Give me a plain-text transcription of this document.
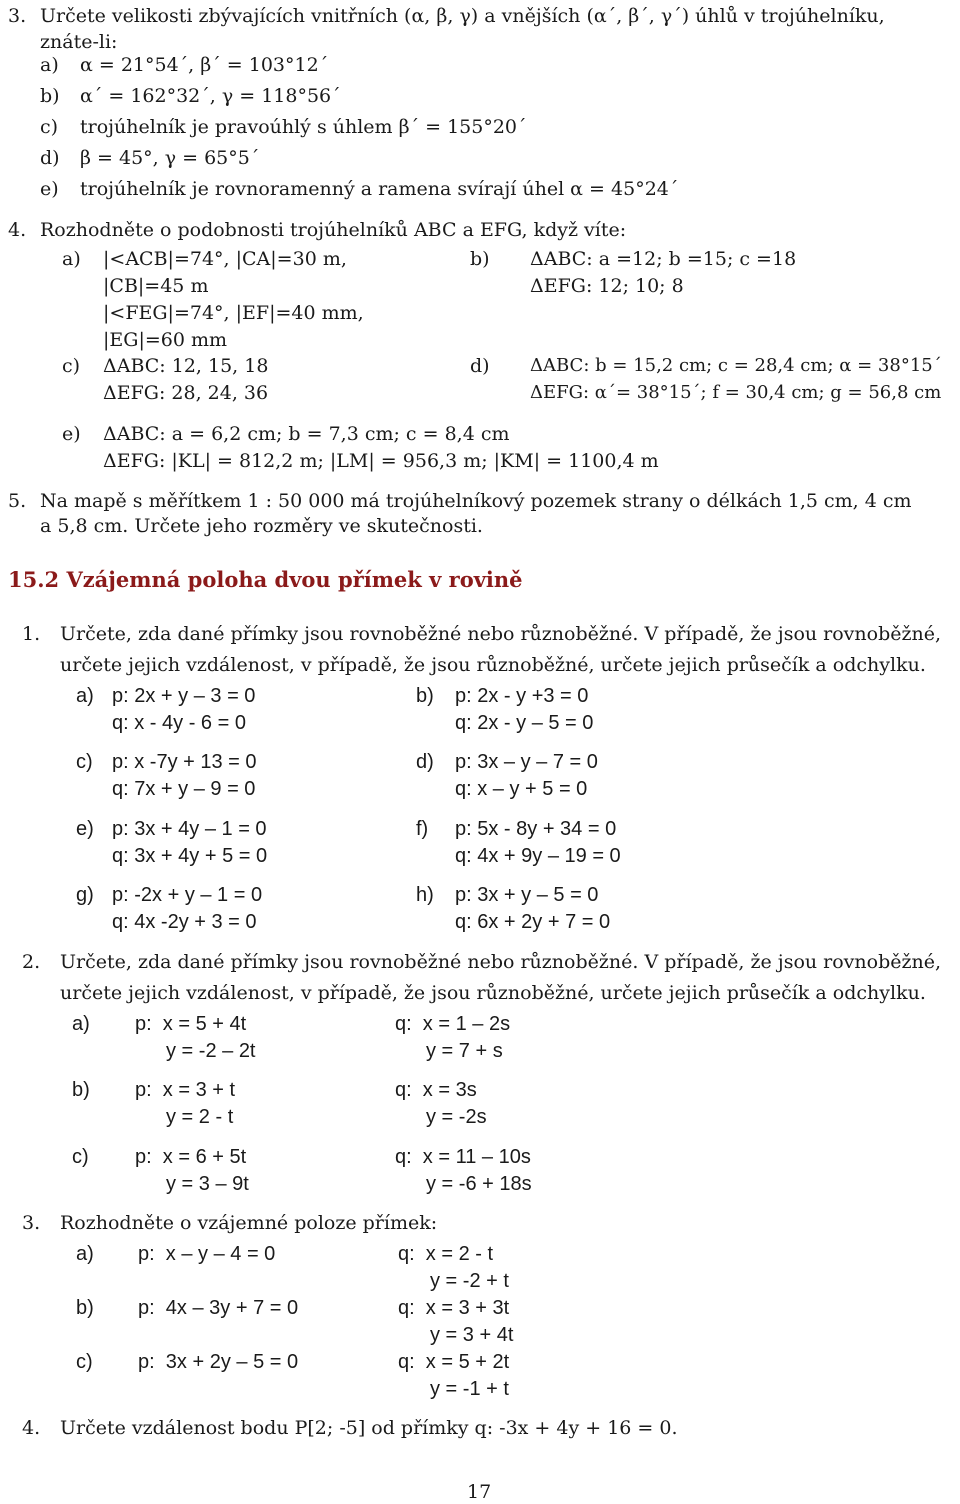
3. Určete velikosti zbývajících vnitřních (α, β, γ) a vnějších (α´, β´, γ´) úhlů v trojúhelníku,
znáte-li:
a) α = 21°54´, β´ = 103°12´
b) α´ = 162°32´, γ = 118°56´
c) trojúhelník je pravoúhlý s úhlem β´ = 155°20´
d) β = 45°, γ = 65°5´
e) trojúhelník je rovnoramenný a ramena svírají úhel α = 45°24´
4. Rozhodněte o podobnosti trojúhelníků ABC a EFG, když víte:
a) |<ACB|=74°, |CA|=30 m,
|CB|=45 m
|<FEG|=74°, |EF|=40 mm,
|EG|=60 mm
b) ΔABC: a =12; b =15; c =18
ΔEFG: 12; 10; 8
c) ΔABC: 12, 15, 18
ΔEFG: 28, 24, 36
d) ΔABC: b = 15,2 cm; c = 28,4 cm; α = 38°15´
ΔEFG: α´= 38°15´; f = 30,4 cm; g = 56,8 cm
e) ΔABC: a = 6,2 cm; b = 7,3 cm; c = 8,4 cm
ΔEFG: |KL| = 812,2 m; |LM| = 956,3 m; |KM| = 1100,4 m
5. Na mapě s měřítkem 1 : 50 000 má trojúhelníkový pozemek strany o délkách 1,5 cm, 4 cm
a 5,8 cm. Určete jeho rozměry ve skutečnosti.
15.2 Vzájemná poloha dvou přímek v rovině
1. Určete, zda dané přímky jsou rovnoběžné nebo různoběžné. V případě, že jsou rovnoběžné,
určete jejich vzdálenost, v případě, že jsou různoběžné, určete jejich průsečík a odchylku.
a) p: 2x + y – 3 = 0
q: x - 4y - 6 = 0
b) p: 2x - y +3 = 0
q: 2x - y – 5 = 0
c) p: x -7y + 13 = 0
q: 7x + y – 9 = 0
d) p: 3x – y – 7 = 0
q: x – y + 5 = 0
e) p: 3x + 4y – 1 = 0
q: 3x + 4y + 5 = 0
f) p: 5x - 8y + 34 = 0
q: 4x + 9y – 19 = 0
g) p: -2x + y – 1 = 0
q: 4x -2y + 3 = 0
h) p: 3x + y – 5 = 0
q: 6x + 2y + 7 = 0
2. Určete, zda dané přímky jsou rovnoběžné nebo různoběžné. V případě, že jsou rovnoběžné,
určete jejich vzdálenost, v případě, že jsou různoběžné, určete jejich průsečík a odchylku.
a) p:  x = 5 + 4t
y = -2 – 2t
q:  x = 1 – 2s
y = 7 + s
b) p:  x = 3 + t
y = 2 - t
q:  x = 3s
y = -2s
c) p:  x = 6 + 5t
y = 3 – 9t
q:  x = 11 – 10s
y = -6 + 18s
3. Rozhodněte o vzájemné poloze přímek:
a) p:  x – y – 4 = 0	q:  x = 2 - t
y = -2 + t
b) p:  4x – 3y + 7 = 0	q:  x = 3 + 3t
y = 3 + 4t
c) p:  3x + 2y – 5 = 0	q:  x = 5 + 2t
y = -1 + t
4. Určete vzdálenost bodu P[2; -5] od přímky q: -3x + 4y + 16 = 0.
17
